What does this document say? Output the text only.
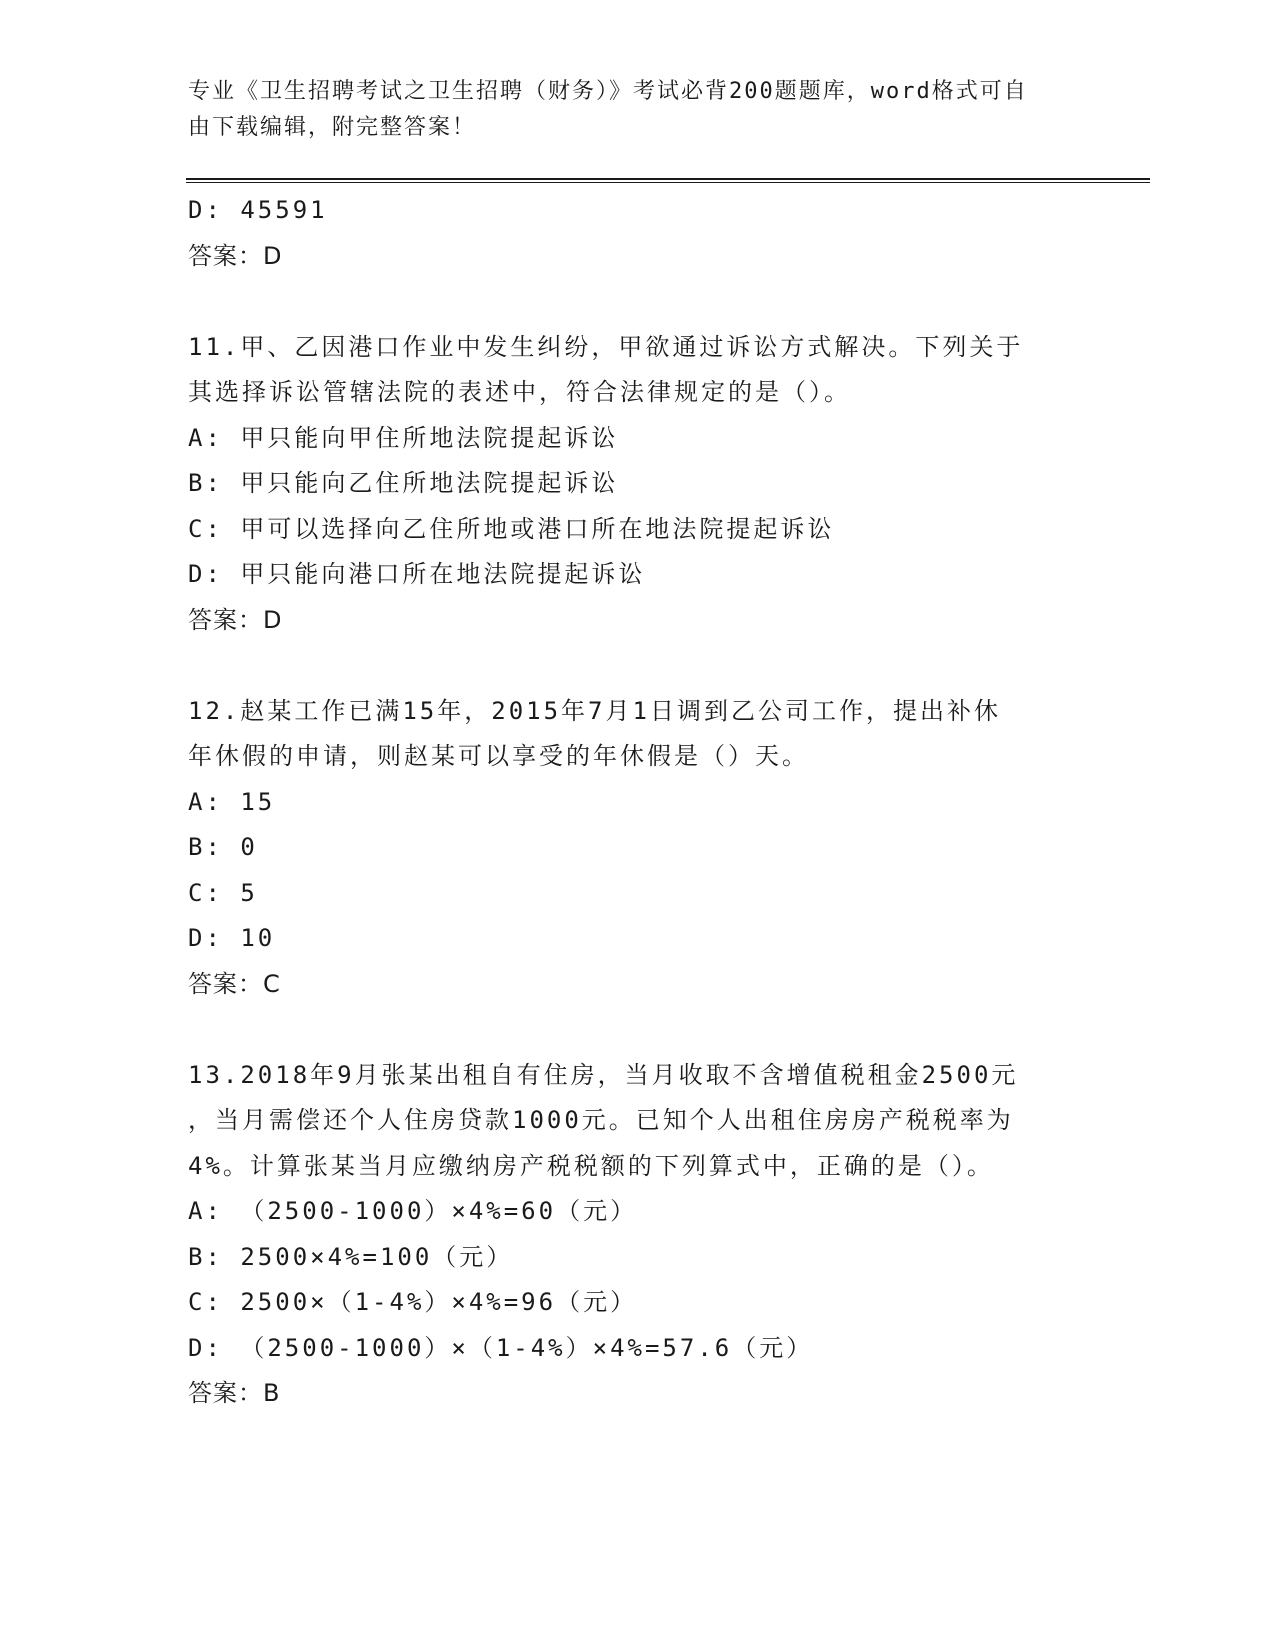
专业《卫生招聘考试之卫生招聘（财务）》考试必背200题题库，word格式可自
由下载编辑，附完整答案！
D: 45591
答案：D
11.甲、乙因港口作业中发生纠纷，甲欲通过诉讼方式解决。下列关于
其选择诉讼管辖法院的表述中，符合法律规定的是（）。
A: 甲只能向甲住所地法院提起诉讼
B: 甲只能向乙住所地法院提起诉讼
C: 甲可以选择向乙住所地或港口所在地法院提起诉讼
D: 甲只能向港口所在地法院提起诉讼
答案：D
12.赵某工作已满15年，2015年7月1日调到乙公司工作，提出补休
年休假的申请，则赵某可以享受的年休假是（）天。
A: 15
B: 0
C: 5
D: 10
答案：C
13.2018年9月张某出租自有住房，当月收取不含增值税租金2500元
，当月需偿还个人住房贷款1000元。已知个人出租住房房产税税率为
4%。计算张某当月应缴纳房产税税额的下列算式中，正确的是（）。
A: （2500-1000）×4%=60（元）
B: 2500×4%=100（元）
C: 2500×（1-4%）×4%=96（元）
D: （2500-1000）×（1-4%）×4%=57.6（元）
答案：B
